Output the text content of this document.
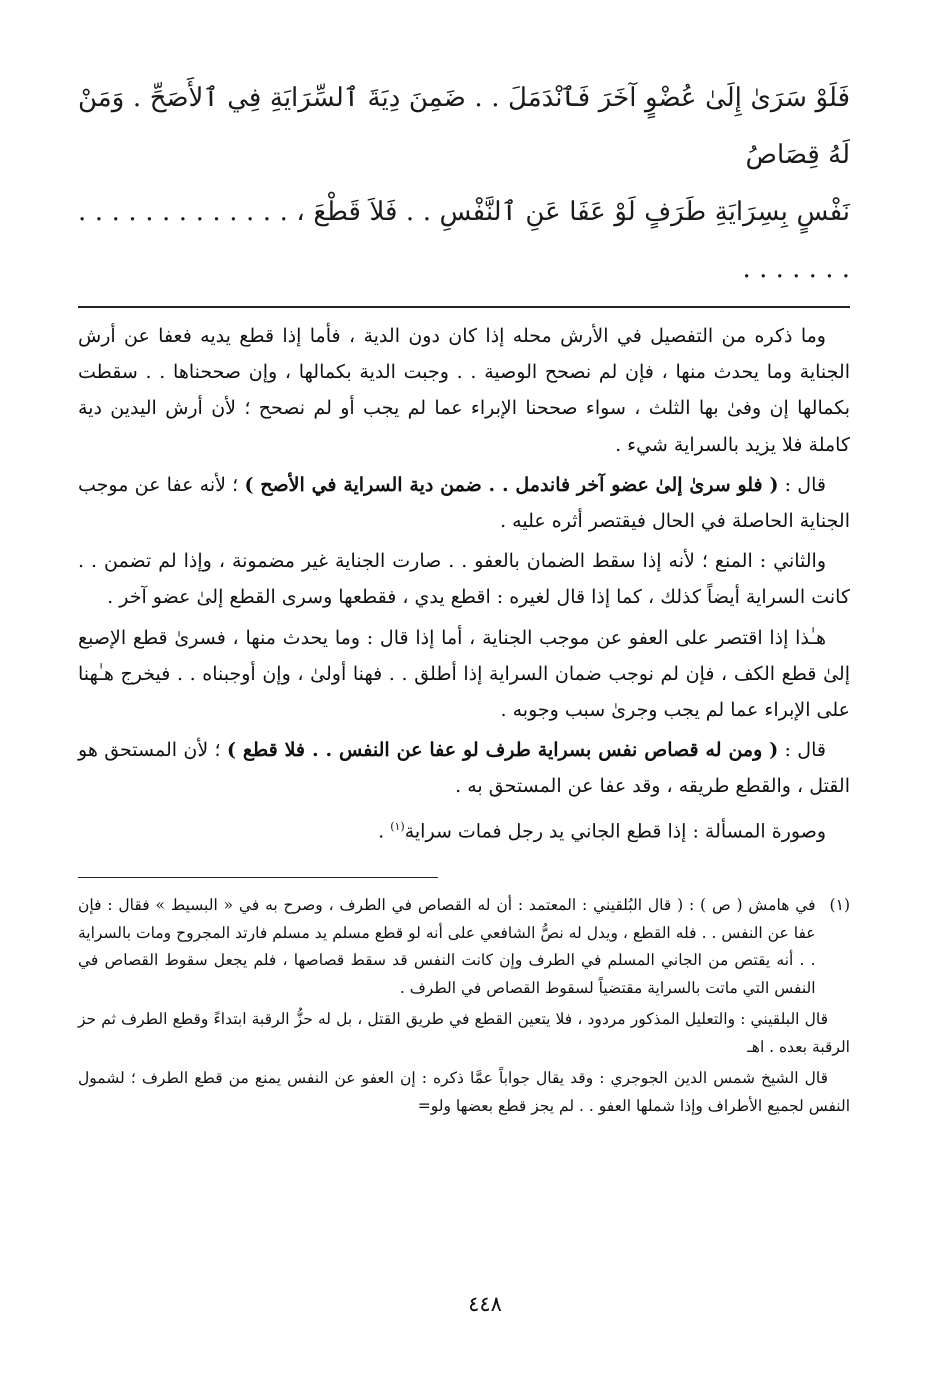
فَلَوْ سَرَىٰ إِلَىٰ عُضْوٍ آخَرَ فَٱنْدَمَلَ . . ضَمِنَ دِيَةَ ٱلسِّرَايَةِ فِي ٱلأَصَحِّ . وَمَنْ لَهُ قِصَاصُ

نَفْسٍ بِسِرَايَةِ طَرَفٍ لَوْ عَفَا عَنِ ٱلنَّفْسِ . . فَلاَ قَطْعَ ، . . . . . . . . . . . . . . . . . . . .

وما ذكره من التفصيل في الأرش محله إذا كان دون الدية ، فأما إذا قطع يديه فعفا عن أرش الجناية وما يحدث منها ، فإن لم نصحح الوصية . . وجبت الدية بكمالها ، وإن صححناها . . سقطت بكمالها إن وفىٰ بها الثلث ، سواء صححنا الإبراء عما لم يجب أو لم نصحح ؛ لأن أرش اليدين دية كاملة فلا يزيد بالسراية شيء .

قال : ( فلو سرىٰ إلىٰ عضو آخر فاندمل . . ضمن دية السراية في الأصح ) ؛ لأنه عفا عن موجب الجناية الحاصلة في الحال فيقتصر أثره عليه .

والثاني : المنع ؛ لأنه إذا سقط الضمان بالعفو . . صارت الجناية غير مضمونة ، وإذا لم تضمن . . كانت السراية أيضاً كذلك ، كما إذا قال لغيره : اقطع يدي ، فقطعها وسرى القطع إلىٰ عضو آخر .

هـٰذا إذا اقتصر على العفو عن موجب الجناية ، أما إذا قال : وما يحدث منها ، فسرىٰ قطع الإصبع إلىٰ قطع الكف ، فإن لم نوجب ضمان السراية إذا أطلق . . فهنا أولىٰ ، وإن أوجبناه . . فيخرج هـٰهنا على الإبراء عما لم يجب وجرىٰ سبب وجوبه .

قال : ( ومن له قصاص نفس بسراية طرف لو عفا عن النفس . . فلا قطع ) ؛ لأن المستحق هو القتل ، والقطع طريقه ، وقد عفا عن المستحق به .

وصورة المسألة : إذا قطع الجاني يد رجل فمات سراية$^{(١)}$ .

(١)
في هامش ( ص ) : ( قال البُلقيني : المعتمد : أن له القصاص في الطرف ، وصرح به في « البسيط » فقال : فإن عفا عن النفس . . فله القطع ، ويدل له نصُّ الشافعي على أنه لو قطع مسلم يد مسلم فارتد المجروح ومات بالسراية . . أنه يقتص من الجاني المسلم في الطرف وإن كانت النفس قد سقط قصاصها ، فلم يجعل سقوط القصاص في النفس التي ماتت بالسراية مقتضياً لسقوط القصاص في الطرف .

قال البلقيني : والتعليل المذكور مردود ، فلا يتعين القطع في طريق القتل ، بل له حزُّ الرقبة ابتداءً وقطع الطرف ثم حز الرقبة بعده . اهـ

قال الشيخ شمس الدين الجوجري : وقد يقال جواباً عمَّا ذكره : إن العفو عن النفس يمنع من قطع الطرف ؛ لشمول النفس لجميع الأطراف وإذا شملها العفو . . لم يجز قطع بعضها ولو=

٤٤٨
